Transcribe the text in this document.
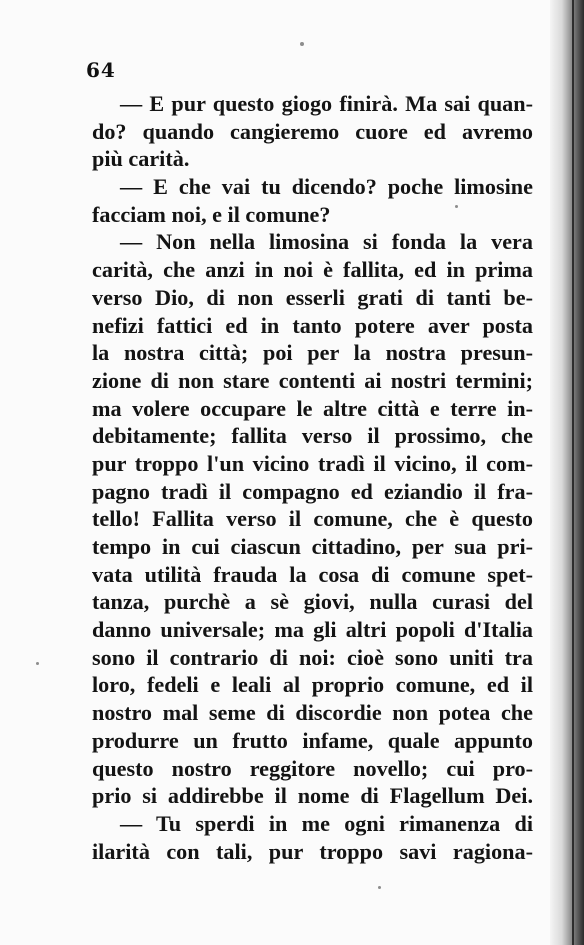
64
— E pur questo giogo finirà. Ma sai quan-
do? quando cangieremo cuore ed avremo
più carità.
— E che vai tu dicendo? poche limosine
facciam noi, e il comune?
— Non nella limosina si fonda la vera
carità, che anzi in noi è fallita, ed in prima
verso Dio, di non esserli grati di tanti be-
nefizi fattici ed in tanto potere aver posta
la nostra città; poi per la nostra presun-
zione di non stare contenti ai nostri termini;
ma volere occupare le altre città e terre in-
debitamente; fallita verso il prossimo, che
pur troppo l'un vicino tradì il vicino, il com-
pagno tradì il compagno ed eziandio il fra-
tello! Fallita verso il comune, che è questo
tempo in cui ciascun cittadino, per sua pri-
vata utilità frauda la cosa di comune spet-
tanza, purchè a sè giovi, nulla curasi del
danno universale; ma gli altri popoli d'Italia
sono il contrario di noi: cioè sono uniti tra
loro, fedeli e leali al proprio comune, ed il
nostro mal seme di discordie non potea che
produrre un frutto infame, quale appunto
questo nostro reggitore novello; cui pro-
prio si addirebbe il nome di Flagellum Dei.
— Tu sperdi in me ogni rimanenza di
ilarità con tali, pur troppo savi ragiona-
